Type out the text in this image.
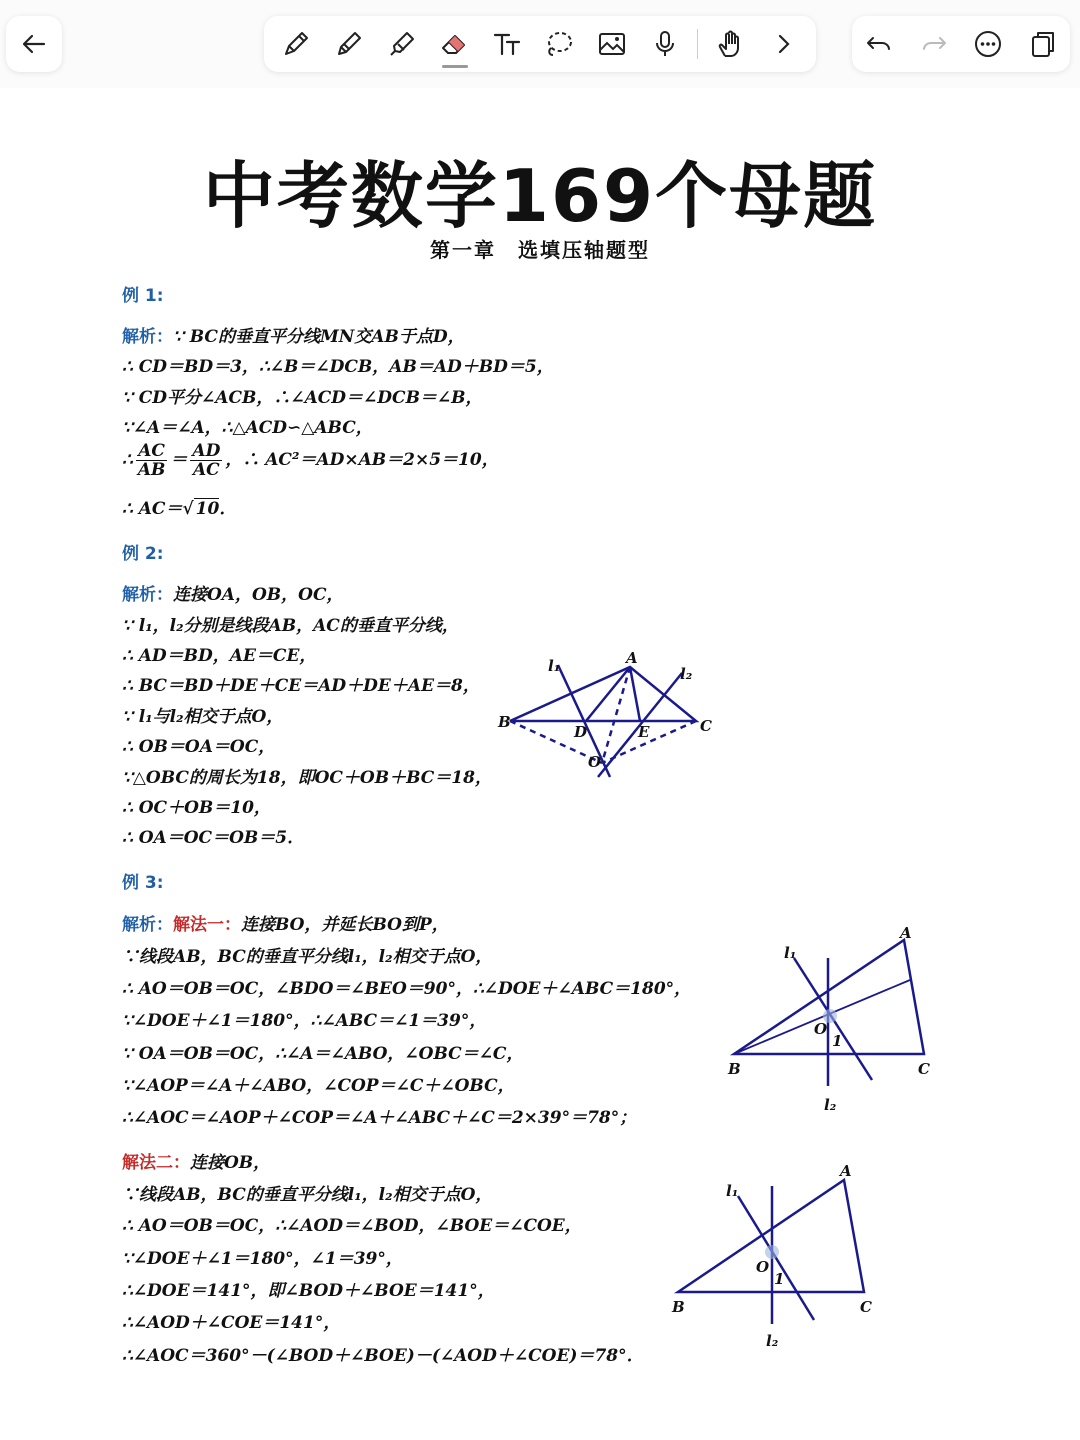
中考数学169个母题
第一章　选填压轴题型
例 1:
解析：∵ BC的垂直平分线MN交AB于点D，
∴ CD＝BD＝3，∴∠B＝∠DCB，AB＝AD＋BD＝5，
∵ CD平分∠ACB，∴∠ACD＝∠DCB＝∠B，
∵∠A＝∠A，∴△ACD∽△ABC，
∴ $\frac{AC}{AB} = \frac{AD}{AC}$ ，∴ AC²＝AD×AB＝2×5＝10，
∴ AC＝√ 10．
例 2:
解析：连接OA，OB，OC，
∵ l₁，l₂分别是线段AB，AC的垂直平分线，
∴ AD＝BD，AE＝CE，
∴ BC＝BD＋DE＋CE＝AD＋DE＋AE＝8，
∵ l₁与l₂相交于点O，
∴ OB＝OA＝OC，
∵△OBC的周长为18，即OC＋OB＋BC＝18，
∴ OC＋OB＝10，
∴ OA＝OC＝OB＝5．
A
B	C
D	E
O
l₁	l₂
例 3:
解析：解法一：连接BO，并延长BO到P，
∵线段AB，BC的垂直平分线l₁，l₂相交于点O，
∴ AO＝OB＝OC，∠BDO＝∠BEO＝90°，∴∠DOE＋∠ABC＝180°，
∵∠DOE＋∠1＝180°，∴∠ABC＝∠1＝39°，
∵ OA＝OB＝OC，∴∠A＝∠ABO，∠OBC＝∠C，
∵∠AOP＝∠A＋∠ABO，∠COP＝∠C＋∠OBC，
∴∠AOC＝∠AOP＋∠COP＝∠A＋∠ABC＋∠C＝2×39°＝78°；
A
B	C
O
1
l₁
l₂
解法二：连接OB，
∵线段AB，BC的垂直平分线l₁，l₂相交于点O，
∴ AO＝OB＝OC，∴∠AOD＝∠BOD，∠BOE＝∠COE，
∵∠DOE＋∠1＝180°，∠1＝39°，
∴∠DOE＝141°，即∠BOD＋∠BOE＝141°，
∴∠AOD＋∠COE＝141°，
∴∠AOC＝360°－(∠BOD＋∠BOE)－(∠AOD＋∠COE)＝78°．
A
B	C
O
1
l₁
l₂
